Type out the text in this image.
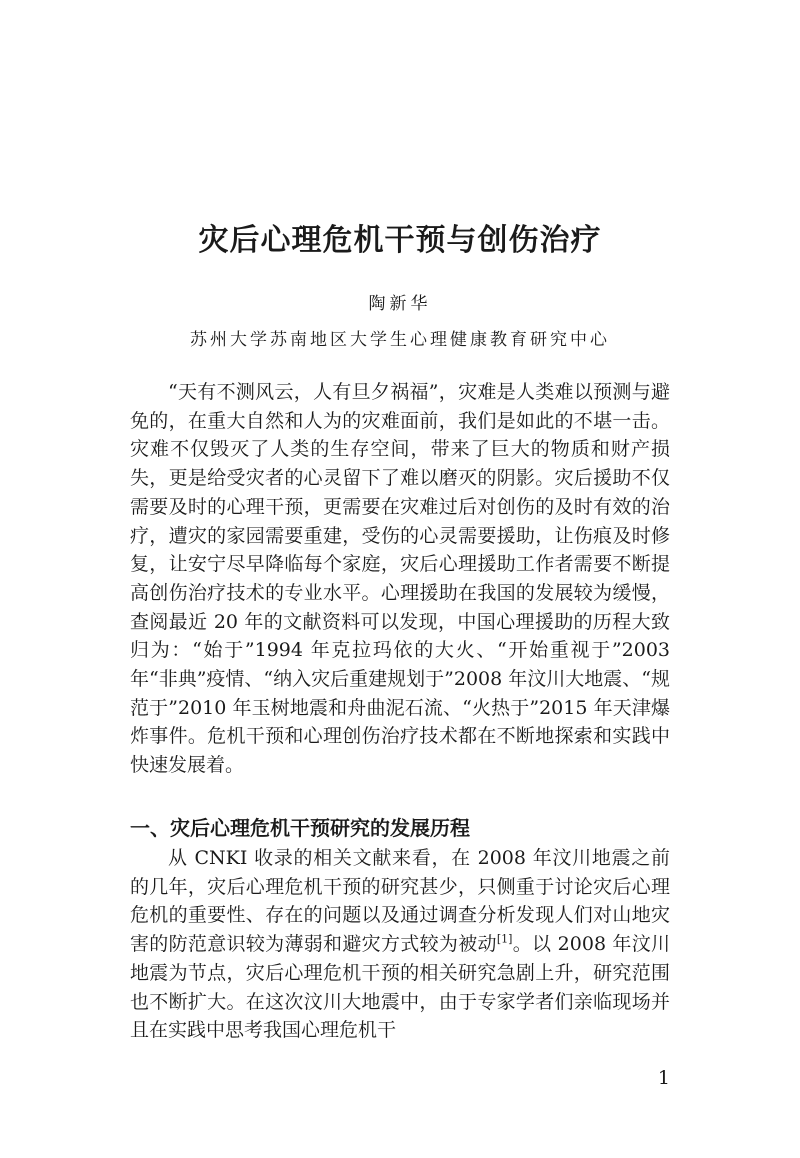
灾后心理危机干预与创伤治疗
陶新华
苏州大学苏南地区大学生心理健康教育研究中心

“天有不测风云，人有旦夕祸福”，灾难是人类难以预测与避免的，在重大自然和人为的灾难面前，我们是如此的不堪一击。灾难不仅毁灭了人类的生存空间，带来了巨大的物质和财产损失，更是给受灾者的心灵留下了难以磨灭的阴影。灾后援助不仅需要及时的心理干预，更需要在灾难过后对创伤的及时有效的治疗，遭灾的家园需要重建，受伤的心灵需要援助，让伤痕及时修复，让安宁尽早降临每个家庭，灾后心理援助工作者需要不断提高创伤治疗技术的专业水平。心理援助在我国的发展较为缓慢，查阅最近 20 年的文献资料可以发现，中国心理援助的历程大致归为：“始于”1994 年克拉玛依的大火、“开始重视于”2003 年“非典”疫情、“纳入灾后重建规划于”2008 年汶川大地震、“规范于”2010 年玉树地震和舟曲泥石流、“火热于”2015 年天津爆炸事件。危机干预和心理创伤治疗技术都在不断地探索和实践中快速发展着。

一、灾后心理危机干预研究的发展历程

从 CNKI 收录的相关文献来看，在 2008 年汶川地震之前的几年，灾后心理危机干预的研究甚少，只侧重于讨论灾后心理危机的重要性、存在的问题以及通过调查分析发现人们对山地灾害的防范意识较为薄弱和避灾方式较为被动[1]。以 2008 年汶川地震为节点，灾后心理危机干预的相关研究急剧上升，研究范围也不断扩大。在这次汶川大地震中，由于专家学者们亲临现场并且在实践中思考我国心理危机干

1
